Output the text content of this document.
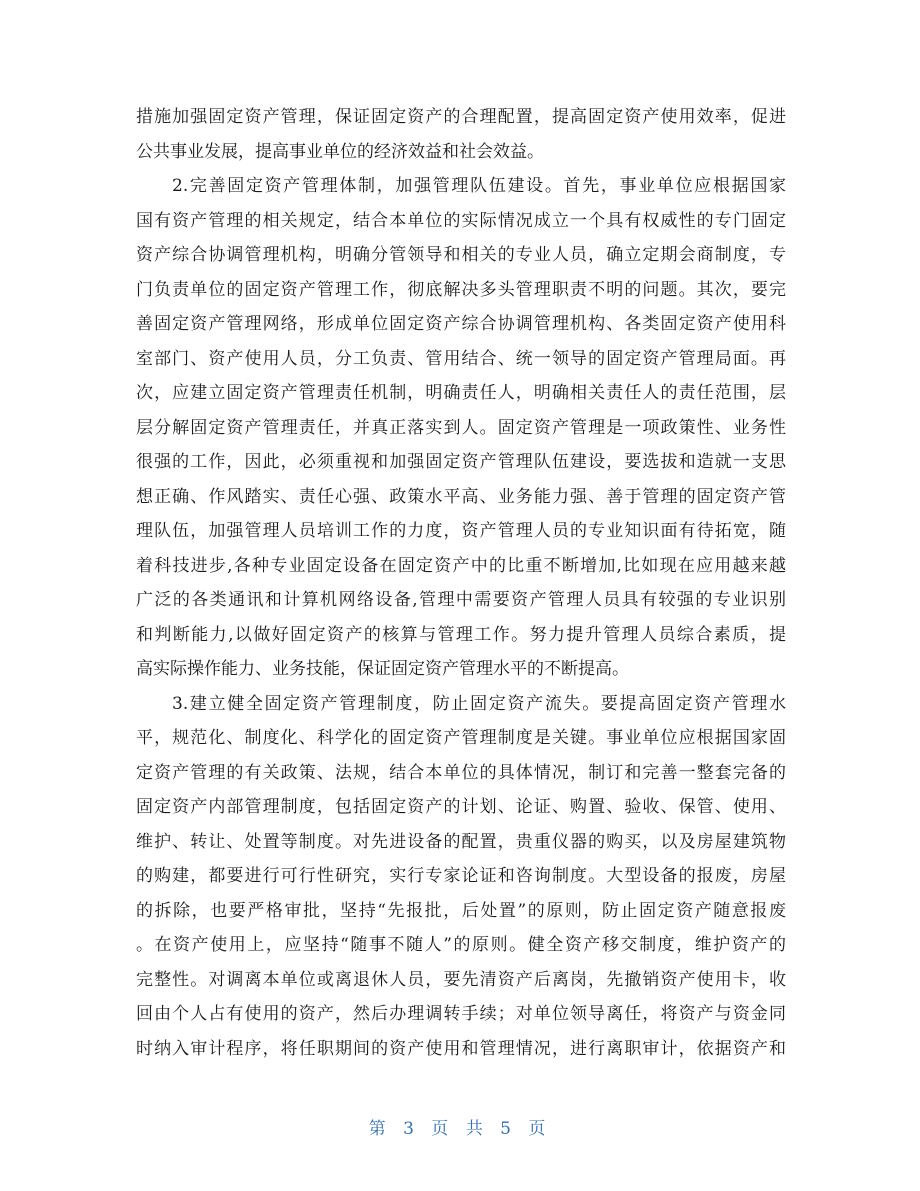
措施加强固定资产管理，保证固定资产的合理配置，提高固定资产使用效率，促进
公共事业发展，提高事业单位的经济效益和社会效益。
2.完善固定资产管理体制，加强管理队伍建设。首先，事业单位应根据国家
国有资产管理的相关规定，结合本单位的实际情况成立一个具有权威性的专门固定
资产综合协调管理机构，明确分管领导和相关的专业人员，确立定期会商制度，专
门负责单位的固定资产管理工作，彻底解决多头管理职责不明的问题。其次，要完
善固定资产管理网络，形成单位固定资产综合协调管理机构、各类固定资产使用科
室部门、资产使用人员，分工负责、管用结合、统一领导的固定资产管理局面。再
次，应建立固定资产管理责任机制，明确责任人，明确相关责任人的责任范围，层
层分解固定资产管理责任，并真正落实到人。固定资产管理是一项政策性、业务性
很强的工作，因此，必须重视和加强固定资产管理队伍建设，要选拔和造就一支思
想正确、作风踏实、责任心强、政策水平高、业务能力强、善于管理的固定资产管
理队伍，加强管理人员培训工作的力度，资产管理人员的专业知识面有待拓宽，随
着科技进步,各种专业固定设备在固定资产中的比重不断增加,比如现在应用越来越
广泛的各类通讯和计算机网络设备,管理中需要资产管理人员具有较强的专业识别
和判断能力,以做好固定资产的核算与管理工作。努力提升管理人员综合素质，提
高实际操作能力、业务技能，保证固定资产管理水平的不断提高。
3.建立健全固定资产管理制度，防止固定资产流失。要提高固定资产管理水
平，规范化、制度化、科学化的固定资产管理制度是关键。事业单位应根据国家固
定资产管理的有关政策、法规，结合本单位的具体情况，制订和完善一整套完备的
固定资产内部管理制度，包括固定资产的计划、论证、购置、验收、保管、使用、
维护、转让、处置等制度。对先进设备的配置，贵重仪器的购买，以及房屋建筑物
的购建，都要进行可行性研究，实行专家论证和咨询制度。大型设备的报废，房屋
的拆除，也要严格审批，坚持“先报批，后处置”的原则，防止固定资产随意报废
。在资产使用上，应坚持“随事不随人”的原则。健全资产移交制度，维护资产的
完整性。对调离本单位或离退休人员，要先清资产后离岗，先撤销资产使用卡，收
回由个人占有使用的资产，然后办理调转手续；对单位领导离任，将资产与资金同
时纳入审计程序，将任职期间的资产使用和管理情况，进行离职审计，依据资产和
第 3 页 共 5 页
